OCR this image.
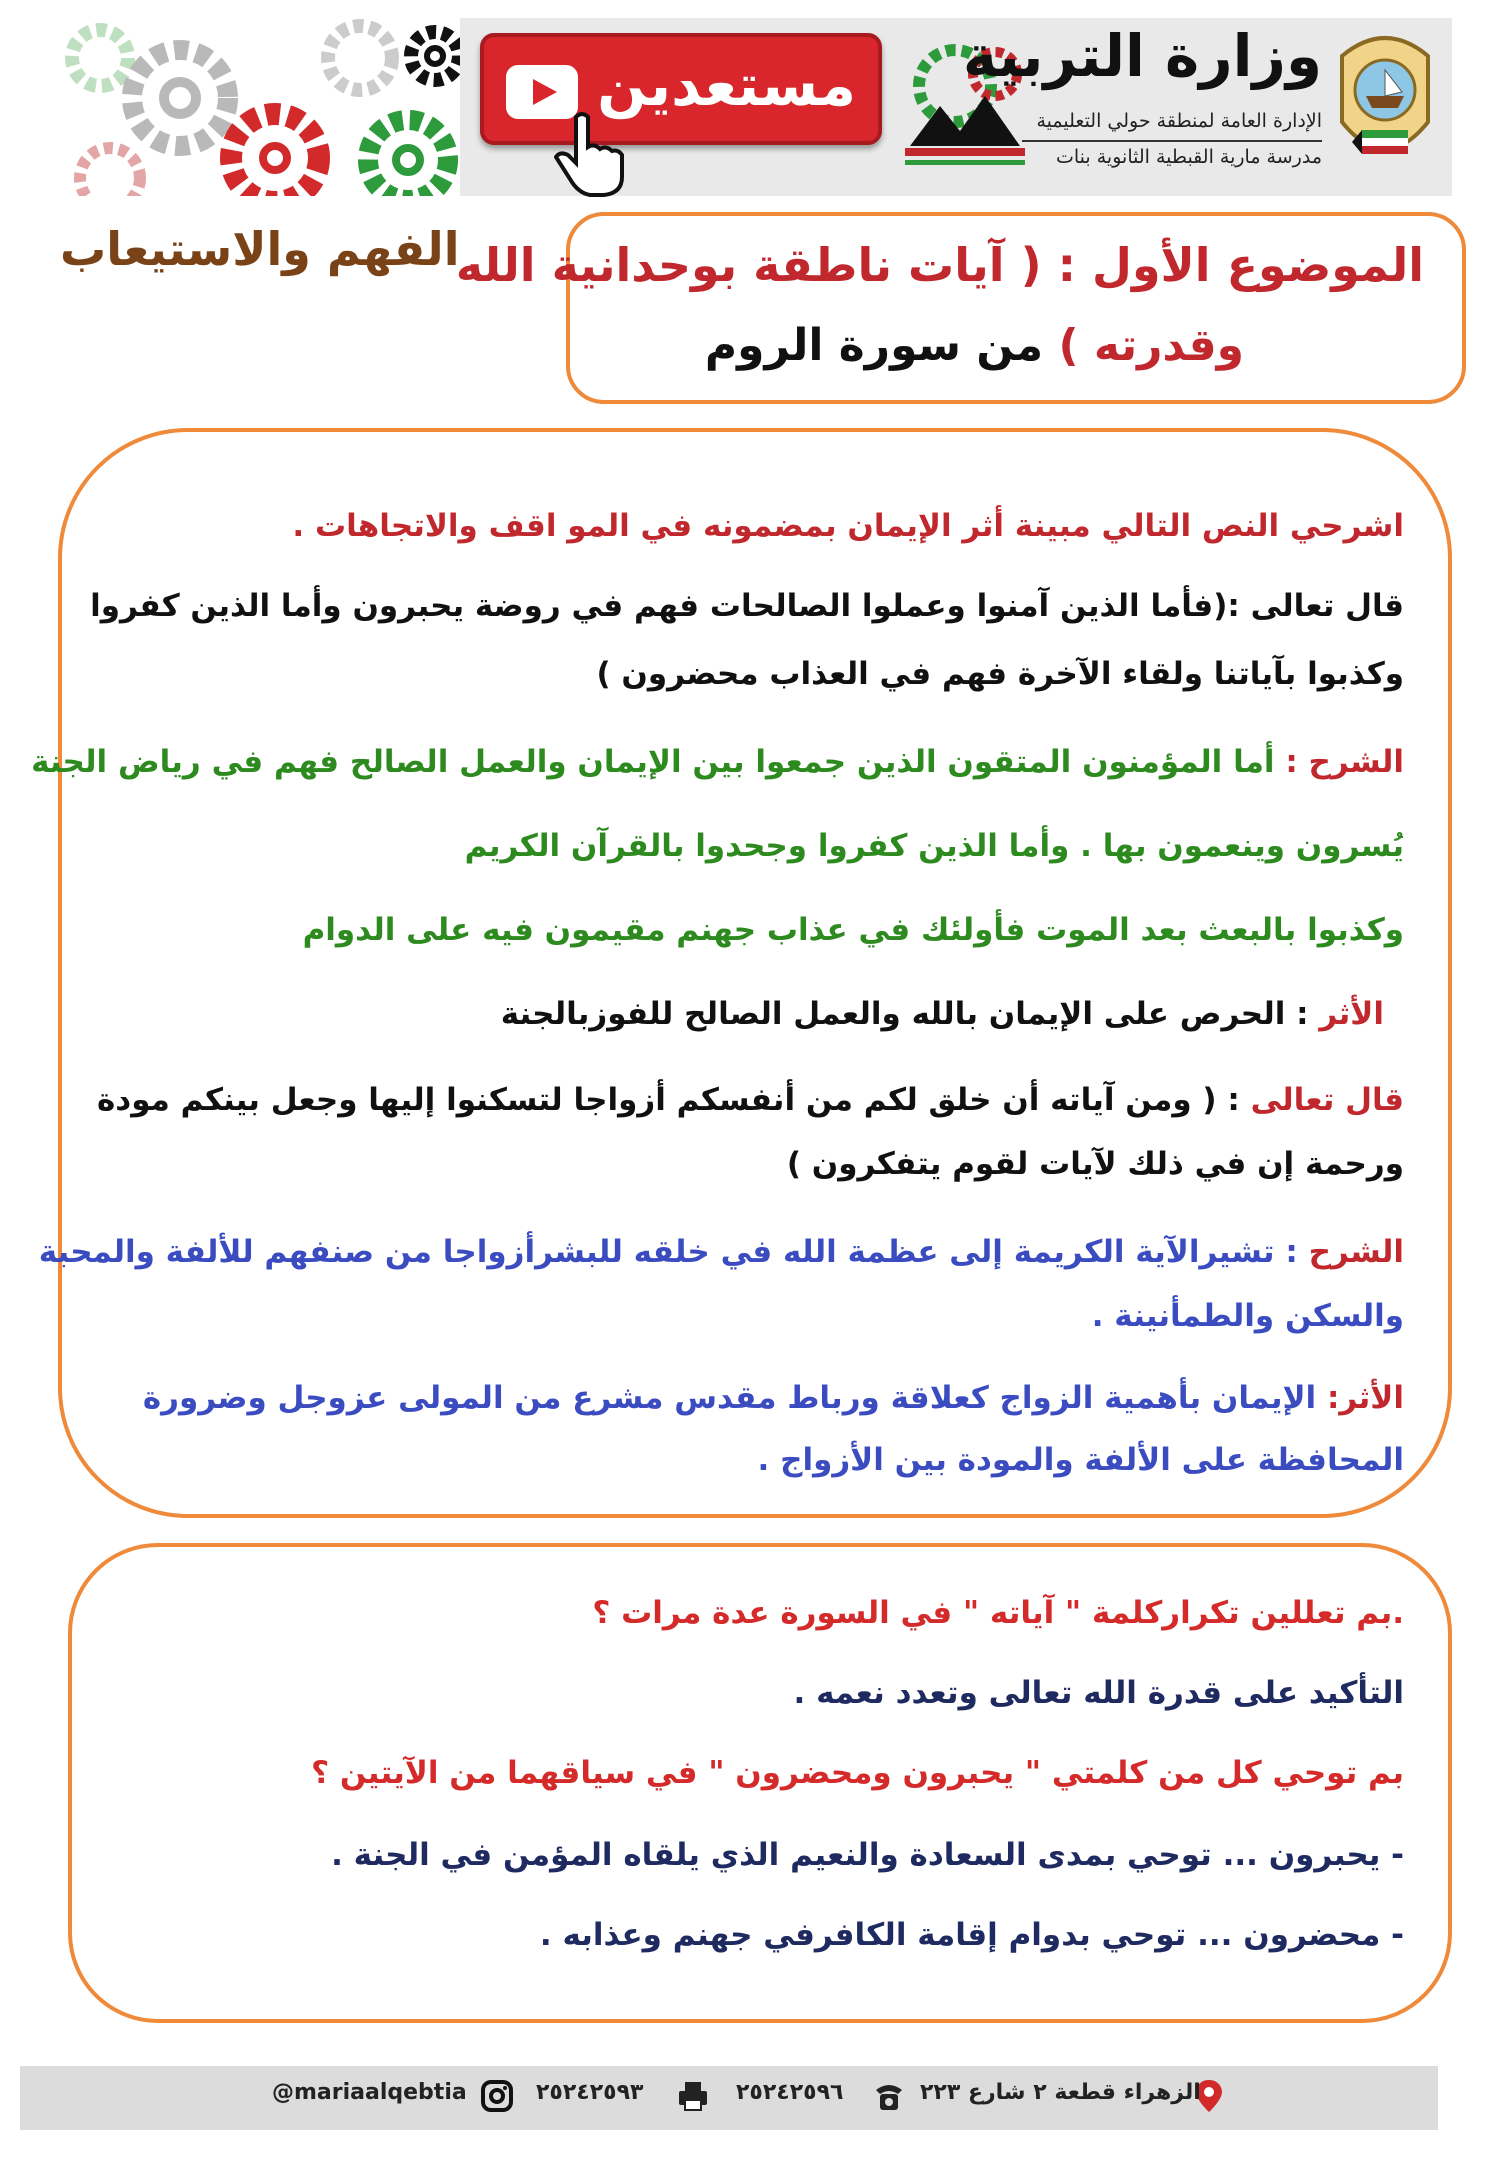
مستعدين وزارة التربية
الإدارة العامة لمنطقة حولي التعليمية
مدرسة مارية القبطية الثانوية بنات
الفهم والاستيعاب
الموضوع الأول : ( آيات ناطقة بوحدانية الله
وقدرته ) من سورة الروم
اشرحي النص التالي مبينة أثر الإيمان بمضمونه في المو اقف والاتجاهات .
قال تعالى :(فأما الذين آمنوا وعملوا الصالحات فهم في روضة يحبرون وأما الذين كفروا
وكذبوا بآياتنا ولقاء الآخرة فهم في العذاب محضرون )
الشرح : أما المؤمنون المتقون الذين جمعوا بين الإيمان والعمل الصالح فهم في رياض الجنة
يُسرون وينعمون بها . وأما الذين كفروا وجحدوا بالقرآن الكريم
وكذبوا بالبعث بعد الموت فأولئك في عذاب جهنم مقيمون فيه على الدوام
الأثر : الحرص على الإيمان بالله والعمل الصالح للفوزبالجنة
قال تعالى : ( ومن آياته أن خلق لكم من أنفسكم أزواجا لتسكنوا إليها وجعل بينكم مودة
ورحمة إن في ذلك لآيات لقوم يتفكرون )
الشرح : تشيرالآية الكريمة إلى عظمة الله في خلقه للبشرأزواجا من صنفهم للألفة والمحبة
والسكن والطمأنينة .
الأثر: الإيمان بأهمية الزواج كعلاقة ورباط مقدس مشرع من المولى عزوجل وضرورة
المحافظة على الألفة والمودة بين الأزواج .
.بم تعللين تكراركلمة " آياته " في السورة عدة مرات ؟
التأكيد على قدرة الله تعالى وتعدد نعمه .
بم توحي كل من كلمتي " يحبرون ومحضرون " في سياقهما من الآيتين ؟
- يحبرون ... توحي بمدى السعادة والنعيم الذي يلقاه المؤمن في الجنة .
- محضرون ... توحي بدوام إقامة الكافرفي جهنم وعذابه .
الزهراء قطعة ٢ شارع ٢٢٣
٢٥٢٤٢٥٩٦
٢٥٢٤٢٥٩٣
@mariaalqebtia
